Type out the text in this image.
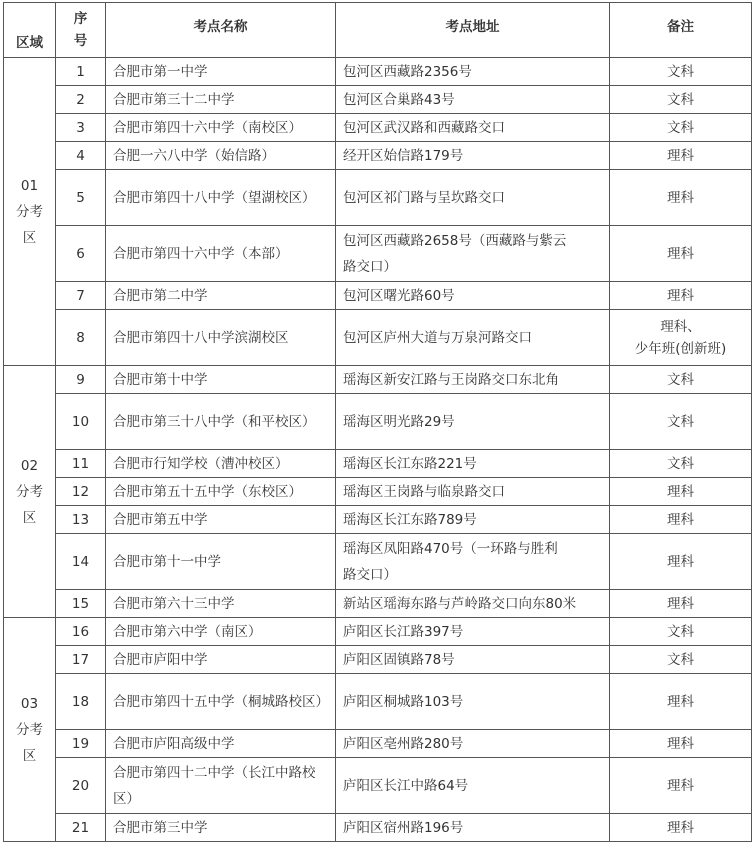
区域	序号	考点名称	考点地址	备注

01分考区	1	合肥市第一中学	包河区西藏路2356号	文科
	2	合肥市第三十二中学	包河区合巢路43号	文科
	3	合肥市第四十六中学（南校区）	包河区武汉路和西藏路交口	文科
	4	合肥一六八中学（始信路）	经开区始信路179号	理科
	5	合肥市第四十八中学（望湖校区）	包河区祁门路与呈坎路交口	理科
	6	合肥市第四十六中学（本部）	包河区西藏路2658号（西藏路与紫云路交口）	理科
	7	合肥市第二中学	包河区曙光路60号	理科
	8	合肥市第四十八中学滨湖校区	包河区庐州大道与万泉河路交口	理科、
少年班(创新班)
02分考区	9	合肥市第十中学	瑶海区新安江路与王岗路交口东北角	文科
	10	合肥市第三十八中学（和平校区）	瑶海区明光路29号	文科
	11	合肥市行知学校（漕冲校区）	瑶海区长江东路221号	文科
	12	合肥市第五十五中学（东校区）	瑶海区王岗路与临泉路交口	理科
	13	合肥市第五中学	瑶海区长江东路789号	理科
	14	合肥市第十一中学	瑶海区凤阳路470号（一环路与胜利路交口）	理科
	15	合肥市第六十三中学	新站区瑶海东路与芦岭路交口向东80米	理科
03分考区	16	合肥市第六中学（南区）	庐阳区长江路397号	文科
	17	合肥市庐阳中学	庐阳区固镇路78号	文科
	18	合肥市第四十五中学（桐城路校区）	庐阳区桐城路103号	理科
	19	合肥市庐阳高级中学	庐阳区亳州路280号	理科
	20	合肥市第四十二中学（长江中路校区）	庐阳区长江中路64号	理科
	21	合肥市第三中学	庐阳区宿州路196号	理科
